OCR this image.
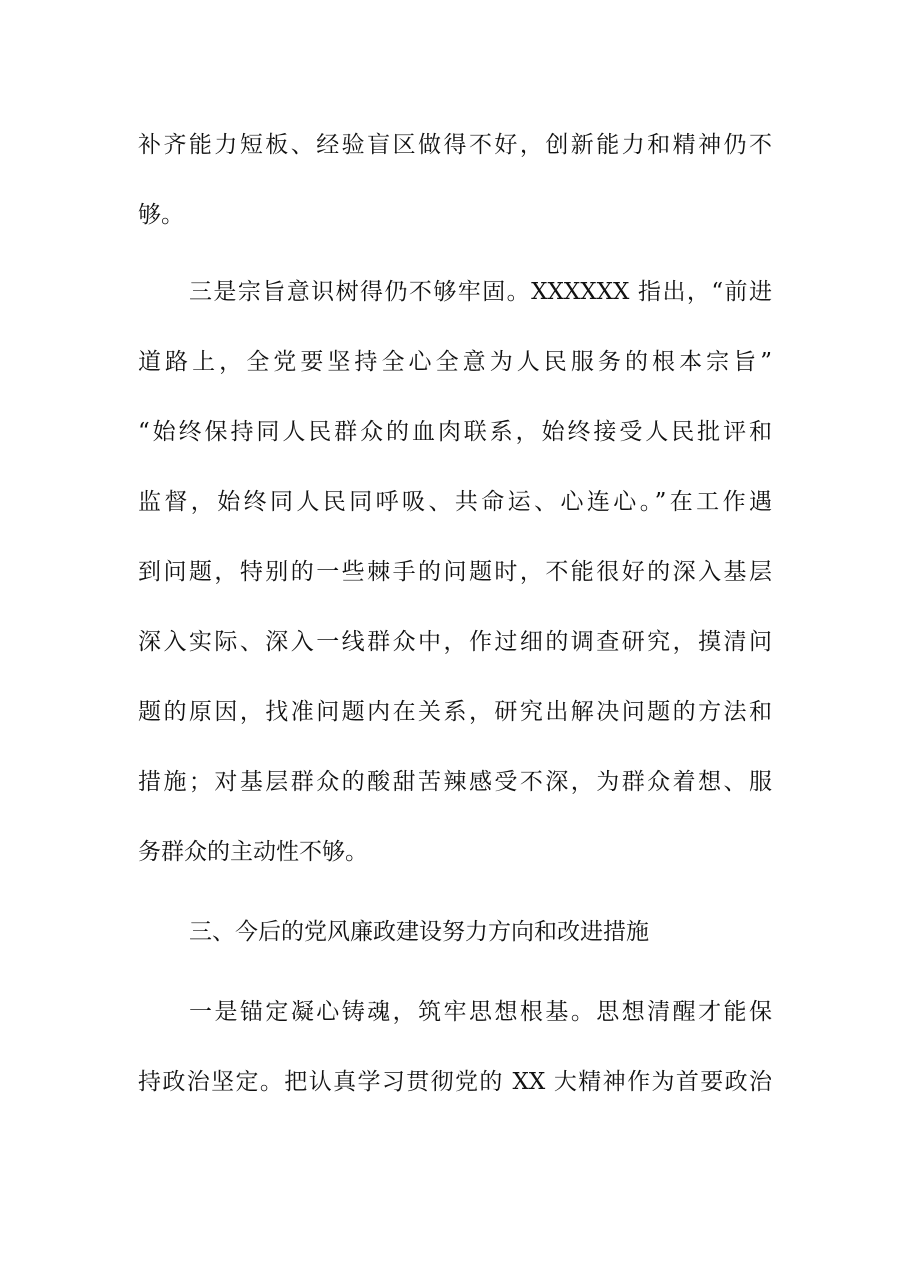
补齐能力短板、经验盲区做得不好，创新能力和精神仍不
够。
三是宗旨意识树得仍不够牢固。XXXXXX 指出，“前进
道路上，全党要坚持全心全意为人民服务的根本宗旨”
“始终保持同人民群众的血肉联系，始终接受人民批评和
监督，始终同人民同呼吸、共命运、心连心。”在工作遇
到问题，特别的一些棘手的问题时，不能很好的深入基层
深入实际、深入一线群众中，作过细的调查研究，摸清问
题的原因，找准问题内在关系，研究出解决问题的方法和
措施；对基层群众的酸甜苦辣感受不深，为群众着想、服
务群众的主动性不够。
三、今后的党风廉政建设努力方向和改进措施
一是锚定凝心铸魂，筑牢思想根基。思想清醒才能保
持政治坚定。把认真学习贯彻党的 XX 大精神作为首要政治
